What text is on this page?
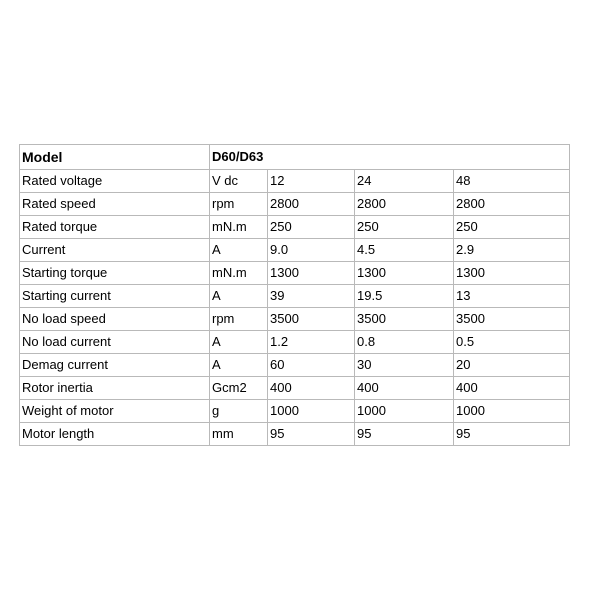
Model	D60/D63			
Rated voltage	V dc	12	24	48
Rated speed	rpm	2800	2800	2800
Rated torque	mN.m	250	250	250
Current	A	9.0	4.5	2.9
Starting torque	mN.m	1300	1300	1300
Starting current	A	39	19.5	13
No load speed	rpm	3500	3500	3500
No load current	A	1.2	0.8	0.5
Demag current	A	60	30	20
Rotor inertia	Gcm2	400	400	400
Weight of motor	g	1000	1000	1000
Motor length	mm	95	95	95
